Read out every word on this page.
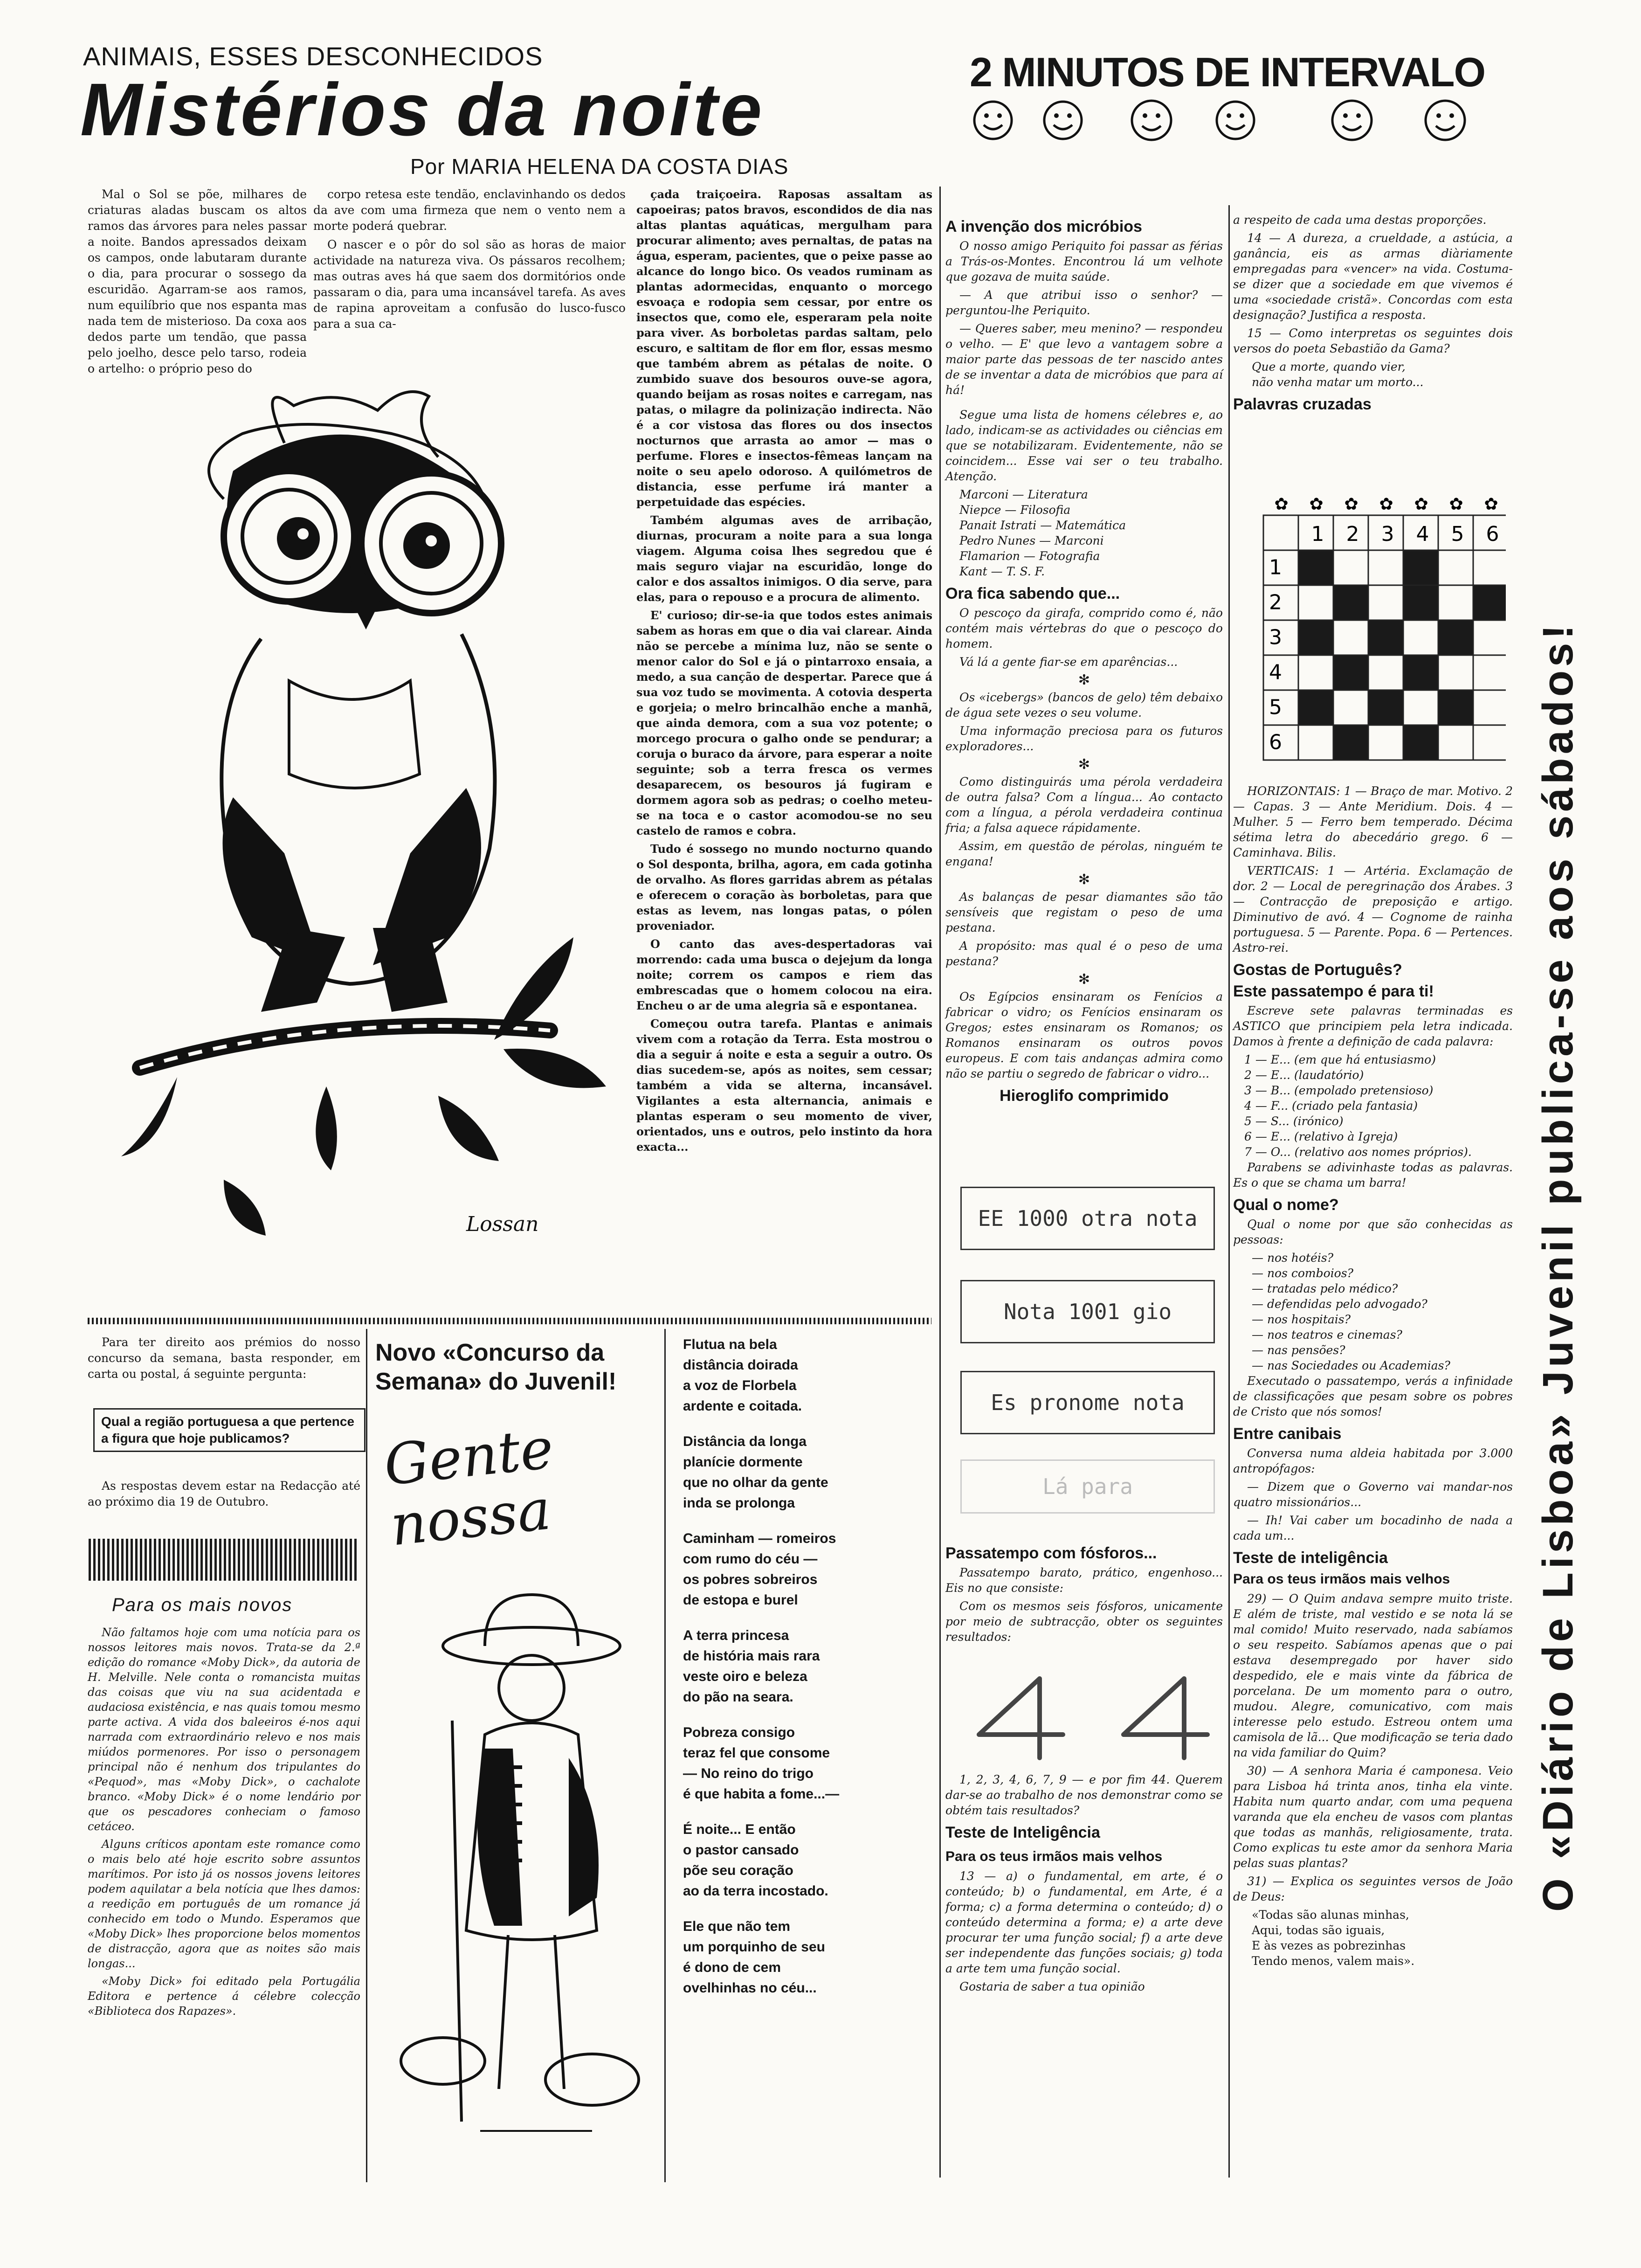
ANIMAIS, ESSES DESCONHECIDOS
Mistérios da noite
Por MARIA HELENA DA COSTA DIAS
2 MINUTOS DE INTERVALO
O «Diário de Lisboa» Juvenil publica-se aos sábados!

Mal o Sol se põe, milhares de criaturas aladas buscam os altos ramos das árvores para neles passar a noite. Bandos apressados deixam os campos, onde labutaram durante o dia, para procurar o sossego da escuridão. Agarram-se aos ramos, num equilíbrio que nos espanta mas nada tem de misterioso. Da coxa aos dedos parte um tendão, que passa pelo joelho, desce pelo tarso, rodeia o artelho: o próprio peso do

corpo retesa este tendão, enclavinhando os dedos da ave com uma firmeza que nem o vento nem a morte poderá quebrar.

O nascer e o pôr do sol são as horas de maior actividade na natureza viva. Os pássaros recolhem; mas outras aves há que saem dos dormitórios onde passaram o dia, para uma incansável tarefa. As aves de rapina aproveitam a confusão do lusco-fusco para a sua ca-

çada traiçoeira. Raposas assaltam as capoeiras; patos bravos, escondidos de dia nas altas plantas aquáticas, mergulham para procurar alimento; aves pernaltas, de patas na água, esperam, pacientes, que o peixe passe ao alcance do longo bico. Os veados ruminam as plantas adormecidas, enquanto o morcego esvoaça e rodopia sem cessar, por entre os insectos que, como ele, esperaram pela noite para viver. As borboletas pardas saltam, pelo escuro, e saltitam de flor em flor, essas mesmo que também abrem as pétalas de noite. O zumbido suave dos besouros ouve-se agora, quando beijam as rosas noites e carregam, nas patas, o milagre da polinização indirecta. Não é a cor vistosa das flores ou dos insectos nocturnos que arrasta ao amor — mas o perfume. Flores e insectos-fêmeas lançam na noite o seu apelo odoroso. A quilómetros de distancia, esse perfume irá manter a perpetuidade das espécies.

Também algumas aves de arribação, diurnas, procuram a noite para a sua longa viagem. Alguma coisa lhes segredou que é mais seguro viajar na escuridão, longe do calor e dos assaltos inimigos. O dia serve, para elas, para o repouso e a procura de alimento.

E' curioso; dir-se-ia que todos estes animais sabem as horas em que o dia vai clarear. Ainda não se percebe a mínima luz, não se sente o menor calor do Sol e já o pintarroxo ensaia, a medo, a sua canção de despertar. Parece que á sua voz tudo se movimenta. A cotovia desperta e gorjeia; o melro brincalhão enche a manhã, que ainda demora, com a sua voz potente; o morcego procura o galho onde se pendurar; a coruja o buraco da árvore, para esperar a noite seguinte; sob a terra fresca os vermes desaparecem, os besouros já fugiram e dormem agora sob as pedras; o coelho meteu-se na toca e o castor acomodou-se no seu castelo de ramos e cobra.

Tudo é sossego no mundo nocturno quando o Sol desponta, brilha, agora, em cada gotinha de orvalho. As flores garridas abrem as pétalas e oferecem o coração às borboletas, para que estas as levem, nas longas patas, o pólen proveniador.

O canto das aves-despertadoras vai morrendo: cada uma busca o dejejum da longa noite; correm os campos e riem das embrescadas que o homem colocou na eira. Encheu o ar de uma alegria sã e espontanea.

Começou outra tarefa. Plantas e animais vivem com a rotação da Terra. Esta mostrou o dia a seguir á noite e esta a seguir a outro. Os dias sucedem-se, após as noites, sem cessar; também a vida se alterna, incansável. Vigilantes a esta alternancia, animais e plantas esperam o seu momento de viver, orientados, uns e outros, pelo instinto da hora exacta...

Lossan

Para ter direito aos prémios do nosso concurso da semana, basta responder, em carta ou postal, á seguinte pergunta:

Qual a região portuguesa a que pertence a figura que hoje publicamos?

As respostas devem estar na Redacção até ao próximo dia 19 de Outubro.

Para os mais novos

Não faltamos hoje com uma notícia para os nossos leitores mais novos. Trata-se da 2.ª edição do romance «Moby Dick», da autoria de H. Melville. Nele conta o romancista muitas das coisas que viu na sua acidentada e audaciosa existência, e nas quais tomou mesmo parte activa. A vida dos baleeiros é-nos aqui narrada com extraordinário relevo e nos mais miúdos pormenores. Por isso o personagem principal não é nenhum dos tripulantes do «Pequod», mas «Moby Dick», o cachalote branco. «Moby Dick» é o nome lendário por que os pescadores conheciam o famoso cetáceo.

Alguns críticos apontam este romance como o mais belo até hoje escrito sobre assuntos marítimos. Por isto já os nossos jovens leitores podem aquilatar a bela notícia que lhes damos: a reedição em português de um romance já conhecido em todo o Mundo. Esperamos que «Moby Dick» lhes proporcione belos momentos de distracção, agora que as noites são mais longas...

«Moby Dick» foi editado pela Portugália Editora e pertence á célebre colecção «Biblioteca dos Rapazes».

Novo «Concurso da Semana» do Juvenil!
Gente nossa
Flutua na bela
distância doirada
a voz de Florbela
ardente e coitada.
Distância da longa
planície dormente
que no olhar da gente
inda se prolonga
Caminham — romeiros
com rumo do céu —
os pobres sobreiros
de estopa e burel
A terra princesa
de história mais rara
veste oiro e beleza
do pão na seara.
Pobreza consigo
teraz fel que consome
— No reino do trigo
é que habita a fome...—
É noite... E então
o pastor cansado
põe seu coração
ao da terra incostado.
Ele que não tem
um porquinho de seu
é dono de cem
ovelhinhas no céu...
A invenção dos micróbios

O nosso amigo Periquito foi passar as férias a Trás-os-Montes. Encontrou lá um velhote que gozava de muita saúde.

— A que atribui isso o senhor? — perguntou-lhe Periquito.

— Queres saber, meu menino? — respondeu o velho. — E' que levo a vantagem sobre a maior parte das pessoas de ter nascido antes de se inventar a data de micróbios que para aí há!

Segue uma lista de homens célebres e, ao lado, indicam-se as actividades ou ciências em que se notabilizaram. Evidentemente, não se coincidem... Esse vai ser o teu trabalho. Atenção.

Marconi — Literatura
Niepce — Filosofia
Panait Istrati — Matemática
Pedro Nunes — Marconi
Flamarion — Fotografia
Kant — T. S. F.
Ora fica sabendo que...

O pescoço da girafa, comprido como é, não contém mais vértebras do que o pescoço do homem.

Vá lá a gente fiar-se em aparências...

✻

Os «icebergs» (bancos de gelo) têm debaixo de água sete vezes o seu volume.

Uma informação preciosa para os futuros exploradores...

✻

Como distinguirás uma pérola verdadeira de outra falsa? Com a língua... Ao contacto com a língua, a pérola verdadeira continua fria; a falsa aquece rápidamente.

Assim, em questão de pérolas, ninguém te engana!

✻

As balanças de pesar diamantes são tão sensíveis que registam o peso de uma pestana.

A propósito: mas qual é o peso de uma pestana?

✻

Os Egípcios ensinaram os Fenícios a fabricar o vidro; os Fenícios ensinaram os Gregos; estes ensinaram os Romanos; os Romanos ensinaram os outros povos europeus. E com tais andanças admira como não se partiu o segredo de fabricar o vidro...

Hieroglifo comprimido
EE 1000 otra nota
Nota 1001 gio
Es pronome nota
Lá para
Passatempo com fósforos...

Passatempo barato, prático, engenhoso... Eis no que consiste:

Com os mesmos seis fósforos, unicamente por meio de subtracção, obter os seguintes resultados:

1, 2, 3, 4, 6, 7, 9 — e por fim 44. Querem dar-se ao trabalho de nos demonstrar como se obtém tais resultados?

Teste de Inteligência
Para os teus irmãos mais velhos

13 — a) o fundamental, em arte, é o conteúdo; b) o fundamental, em Arte, é a forma; c) a forma determina o conteúdo; d) o conteúdo determina a forma; e) a arte deve procurar ter uma função social; f) a arte deve ser independente das funções sociais; g) toda a arte tem uma função social.

Gostaria de saber a tua opinião

a respeito de cada uma destas proporções.

14 — A dureza, a crueldade, a astúcia, a ganância, eis as armas diàriamente empregadas para «vencer» na vida. Costuma-se dizer que a sociedade em que vivemos é uma «sociedade cristã». Concordas com esta designação? Justifica a resposta.

15 — Como interpretas os seguintes dois versos do poeta Sebastião da Gama?

Que a morte, quando vier,
não venha matar um morto...
Palavras cruzadas
1
1
2
2
3
3
4
4
5
5
6
6
✿ ✿ ✿ ✿ ✿ ✿ ✿

HORIZONTAIS: 1 — Braço de mar. Motivo. 2 — Capas. 3 — Ante Meridium. Dois. 4 — Mulher. 5 — Ferro bem temperado. Décima sétima letra do abecedário grego. 6 — Caminhava. Bilis.

VERTICAIS: 1 — Artéria. Exclamação de dor. 2 — Local de peregrinação dos Árabes. 3 — Contracção de preposição e artigo. Diminutivo de avó. 4 — Cognome de rainha portuguesa. 5 — Parente. Popa. 6 — Pertences. Astro-rei.

Gostas de Português?
Este passatempo é para ti!

Escreve sete palavras terminadas es ASTICO que principiem pela letra indicada. Damos à frente a definição de cada palavra:

1 — E... (em que há entusiasmo)
2 — E... (laudatório)
3 — B... (empolado pretensioso)
4 — F... (criado pela fantasia)
5 — S... (irónico)
6 — E... (relativo à Igreja)
7 — O... (relativo aos nomes próprios).

Parabens se adivinhaste todas as palavras. Es o que se chama um barra!

Qual o nome?

Qual o nome por que são conhecidas as pessoas:

— nos hotéis?
— nos comboios?
— tratadas pelo médico?
— defendidas pelo advogado?
— nos hospitais?
— nos teatros e cinemas?
— nas pensões?
— nas Sociedades ou Academias?

Executado o passatempo, verás a infinidade de classificações que pesam sobre os pobres de Cristo que nós somos!

Entre canibais

Conversa numa aldeia habitada por 3.000 antropófagos:

— Dizem que o Governo vai mandar-nos quatro missionários...

— Ih! Vai caber um bocadinho de nada a cada um...

Teste de inteligência
Para os teus irmãos mais velhos

29) — O Quim andava sempre muito triste. E além de triste, mal vestido e se nota lá se mal comido! Muito reservado, nada sabíamos o seu respeito. Sabíamos apenas que o pai estava desempregado por haver sido despedido, ele e mais vinte da fábrica de porcelana. De um momento para o outro, mudou. Alegre, comunicativo, com mais interesse pelo estudo. Estreou ontem uma camisola de lã... Que modificação se teria dado na vida familiar do Quim?

30) — A senhora Maria é camponesa. Veio para Lisboa há trinta anos, tinha ela vinte. Habita num quarto andar, com uma pequena varanda que ela encheu de vasos com plantas que todas as manhãs, religiosamente, trata. Como explicas tu este amor da senhora Maria pelas suas plantas?

31) — Explica os seguintes versos de João de Deus:

«Todas são alunas minhas,
Aqui, todas são iguais,
E às vezes as pobrezinhas
Tendo menos, valem mais».
